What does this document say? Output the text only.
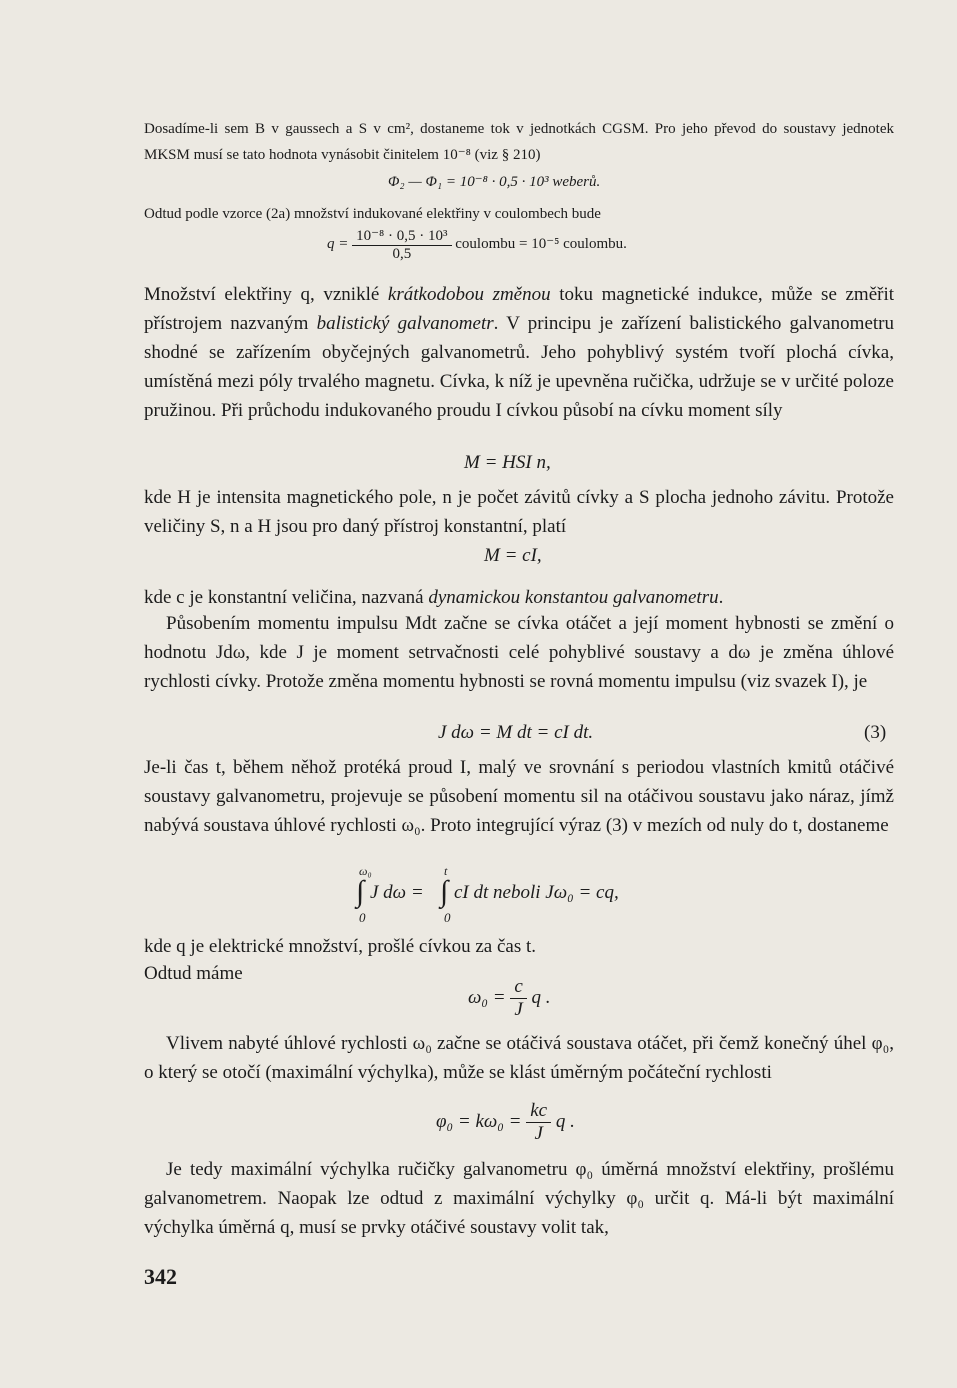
Dosadíme-li sem B v gaussech a S v cm², dostaneme tok v jednotkách CGSM. Pro jeho převod do soustavy jednotek MKSM musí se tato hodnota vynásobit činitelem 10⁻⁸ (viz § 210)

Φ₂ — Φ₁ = 10⁻⁸ · 0,5 · 10³ weberů.

Odtud podle vzorce (2a) množství indukované elektřiny v coulombech bude

$q = \frac{\text{10⁻⁸ · 0,5 · 10³}}{0,5}$ coulombu = 10⁻⁵ coulombu.

Množství elektřiny q, vzniklé krátkodobou změnou toku magnetické indukce, může se změřit přístrojem nazvaným balistický galvanometr. V principu je zařízení balistického galvanometru shodné se zařízením obyčejných galvanometrů. Jeho pohyblivý systém tvoří plochá cívka, umístěná mezi póly trvalého magnetu. Cívka, k níž je upevněna ručička, udržuje se v určité poloze pružinou. Při průchodu indukovaného proudu I cívkou působí na cívku moment síly

M = HSI n,

kde H je intensita magnetického pole, n je počet závitů cívky a S plocha jednoho závitu. Protože veličiny S, n a H jsou pro daný přístroj konstantní, platí

M = cI,

kde c je konstantní veličina, nazvaná dynamickou konstantou galvanometru.

Působením momentu impulsu Mdt začne se cívka otáčet a její moment hybnosti se změní o hodnotu Jdω, kde J je moment setrvačnosti celé pohyblivé soustavy a dω je změna úhlové rychlosti cívky. Protože změna momentu hybnosti se rovná momentu impulsu (viz svazek I), je

J dω = M dt = cI dt.	(3)

Je-li čas t, během něhož protéká proud I, malý ve srovnání s periodou vlastních kmitů otáčivé soustavy galvanometru, projevuje se působení momentu sil na otáčivou soustavu jako náraz, jímž nabývá soustava úhlové rychlosti ω₀. Proto integrující výraz (3) v mezích od nuly do t, dostaneme

ω₀
∫
0
J dω =
t
∫
0
cI dt neboli Jω₀ = cq,

kde q je elektrické množství, prošlé cívkou za čas t.

Odtud máme

$\omega_0 = \frac{c}{J}$ q .

Vlivem nabyté úhlové rychlosti ω₀ začne se otáčivá soustava otáčet, při čemž konečný úhel φ₀, o který se otočí (maximální výchylka), může se klást úměrným počáteční rychlosti

$\varphi_0 = k\omega_0 = \frac{kc}{J}$ q .

Je tedy maximální výchylka ručičky galvanometru φ₀ úměrná množství elektřiny, prošlému galvanometrem. Naopak lze odtud z maximální výchylky φ₀ určit q. Má-li být maximální výchylka úměrná q, musí se prvky otáčivé soustavy volit tak,

342
